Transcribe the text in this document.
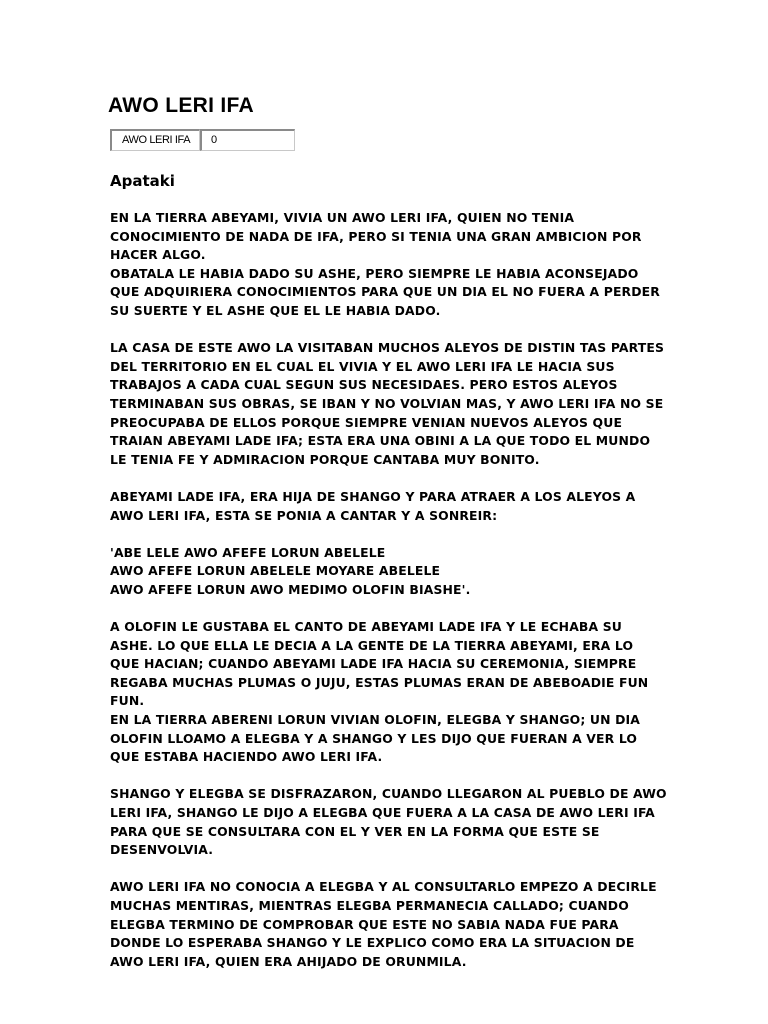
AWO LERI IFA
AWO LERI IFA	0
Apataki
EN LA TIERRA ABEYAMI, VIVIA UN AWO LERI IFA, QUIEN NO TENIA
CONOCIMIENTO DE NADA DE IFA, PERO SI TENIA UNA GRAN AMBICION POR
HACER ALGO.
OBATALA LE HABIA DADO SU ASHE, PERO SIEMPRE LE HABIA ACONSEJADO
QUE ADQUIRIERA CONOCIMIENTOS PARA QUE UN DIA EL NO FUERA A PERDER
SU SUERTE Y EL ASHE QUE EL LE HABIA DADO.
LA CASA DE ESTE AWO LA VISITABAN MUCHOS ALEYOS DE DISTIN TAS PARTES
DEL TERRITORIO EN EL CUAL EL VIVIA Y EL AWO LERI IFA LE HACIA SUS
TRABAJOS A CADA CUAL SEGUN SUS NECESIDAES. PERO ESTOS ALEYOS
TERMINABAN SUS OBRAS, SE IBAN Y NO VOLVIAN MAS, Y AWO LERI IFA NO SE
PREOCUPABA DE ELLOS PORQUE SIEMPRE VENIAN NUEVOS ALEYOS QUE
TRAIAN ABEYAMI LADE IFA; ESTA ERA UNA OBINI A LA QUE TODO EL MUNDO
LE TENIA FE Y ADMIRACION PORQUE CANTABA MUY BONITO.
ABEYAMI LADE IFA, ERA HIJA DE SHANGO Y PARA ATRAER A LOS ALEYOS A
AWO LERI IFA, ESTA SE PONIA A CANTAR Y A SONREIR:
'ABE LELE AWO AFEFE LORUN ABELELE
AWO AFEFE LORUN ABELELE MOYARE ABELELE
AWO AFEFE LORUN AWO MEDIMO OLOFIN BIASHE'.
A OLOFIN LE GUSTABA EL CANTO DE ABEYAMI LADE IFA Y LE ECHABA SU
ASHE. LO QUE ELLA LE DECIA A LA GENTE DE LA TIERRA ABEYAMI, ERA LO
QUE HACIAN; CUANDO ABEYAMI LADE IFA HACIA SU CEREMONIA, SIEMPRE
REGABA MUCHAS PLUMAS O JUJU, ESTAS PLUMAS ERAN DE ABEBOADIE FUN
FUN.
EN LA TIERRA ABERENI LORUN VIVIAN OLOFIN, ELEGBA Y SHANGO; UN DIA
OLOFIN LLOAMO A ELEGBA Y A SHANGO Y LES DIJO QUE FUERAN A VER LO
QUE ESTABA HACIENDO AWO LERI IFA.
SHANGO Y ELEGBA SE DISFRAZARON, CUANDO LLEGARON AL PUEBLO DE AWO
LERI IFA, SHANGO LE DIJO A ELEGBA QUE FUERA A LA CASA DE AWO LERI IFA
PARA QUE SE CONSULTARA CON EL Y VER EN LA FORMA QUE ESTE SE
DESENVOLVIA.
AWO LERI IFA NO CONOCIA A ELEGBA Y AL CONSULTARLO EMPEZO A DECIRLE
MUCHAS MENTIRAS, MIENTRAS ELEGBA PERMANECIA CALLADO; CUANDO
ELEGBA TERMINO DE COMPROBAR QUE ESTE NO SABIA NADA FUE PARA
DONDE LO ESPERABA SHANGO Y LE EXPLICO COMO ERA LA SITUACION DE
AWO LERI IFA, QUIEN ERA AHIJADO DE ORUNMILA.
